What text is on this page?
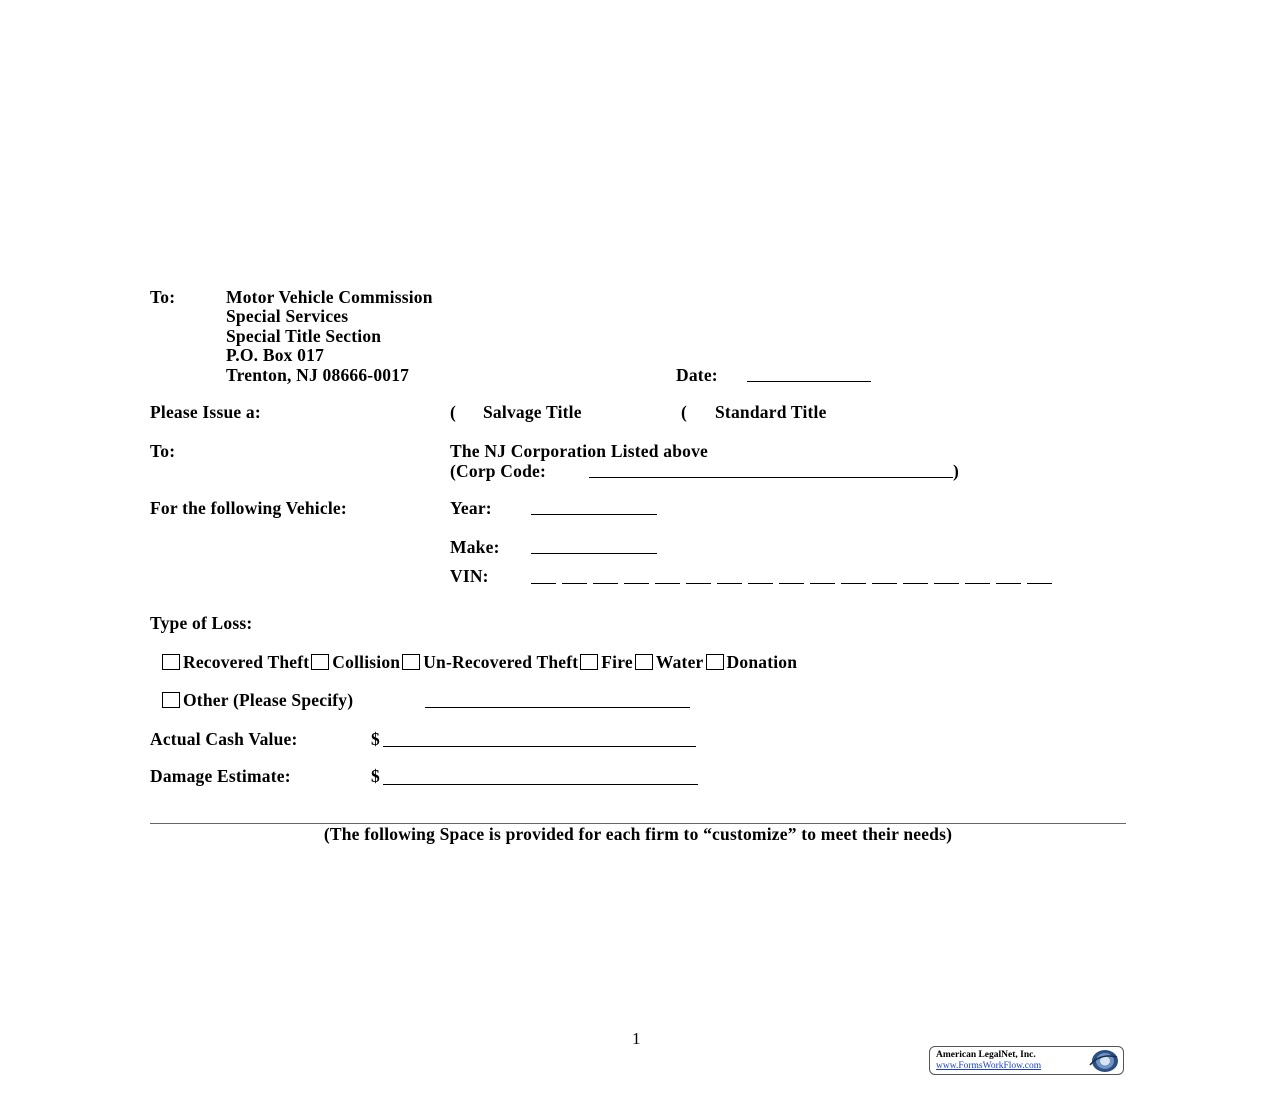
To:	Motor Vehicle Commission
Special Services
Special Title Section
P.O. Box 017
Trenton, NJ 08666-0017	Date:
Please Issue a:	( Salvage Title	( Standard Title
To:	The NJ Corporation Listed above
(Corp Code:	)
For the following Vehicle:	Year:
Make:
VIN:
Type of Loss:
Recovered Theft Collision Un-Recovered Theft Fire Water Donation
Other (Please Specify)
Actual Cash Value:	$
Damage Estimate:	$
(The following Space is provided for each firm to “customize” to meet their needs)
1
American LegalNet, Inc.
www.FormsWorkFlow.com
